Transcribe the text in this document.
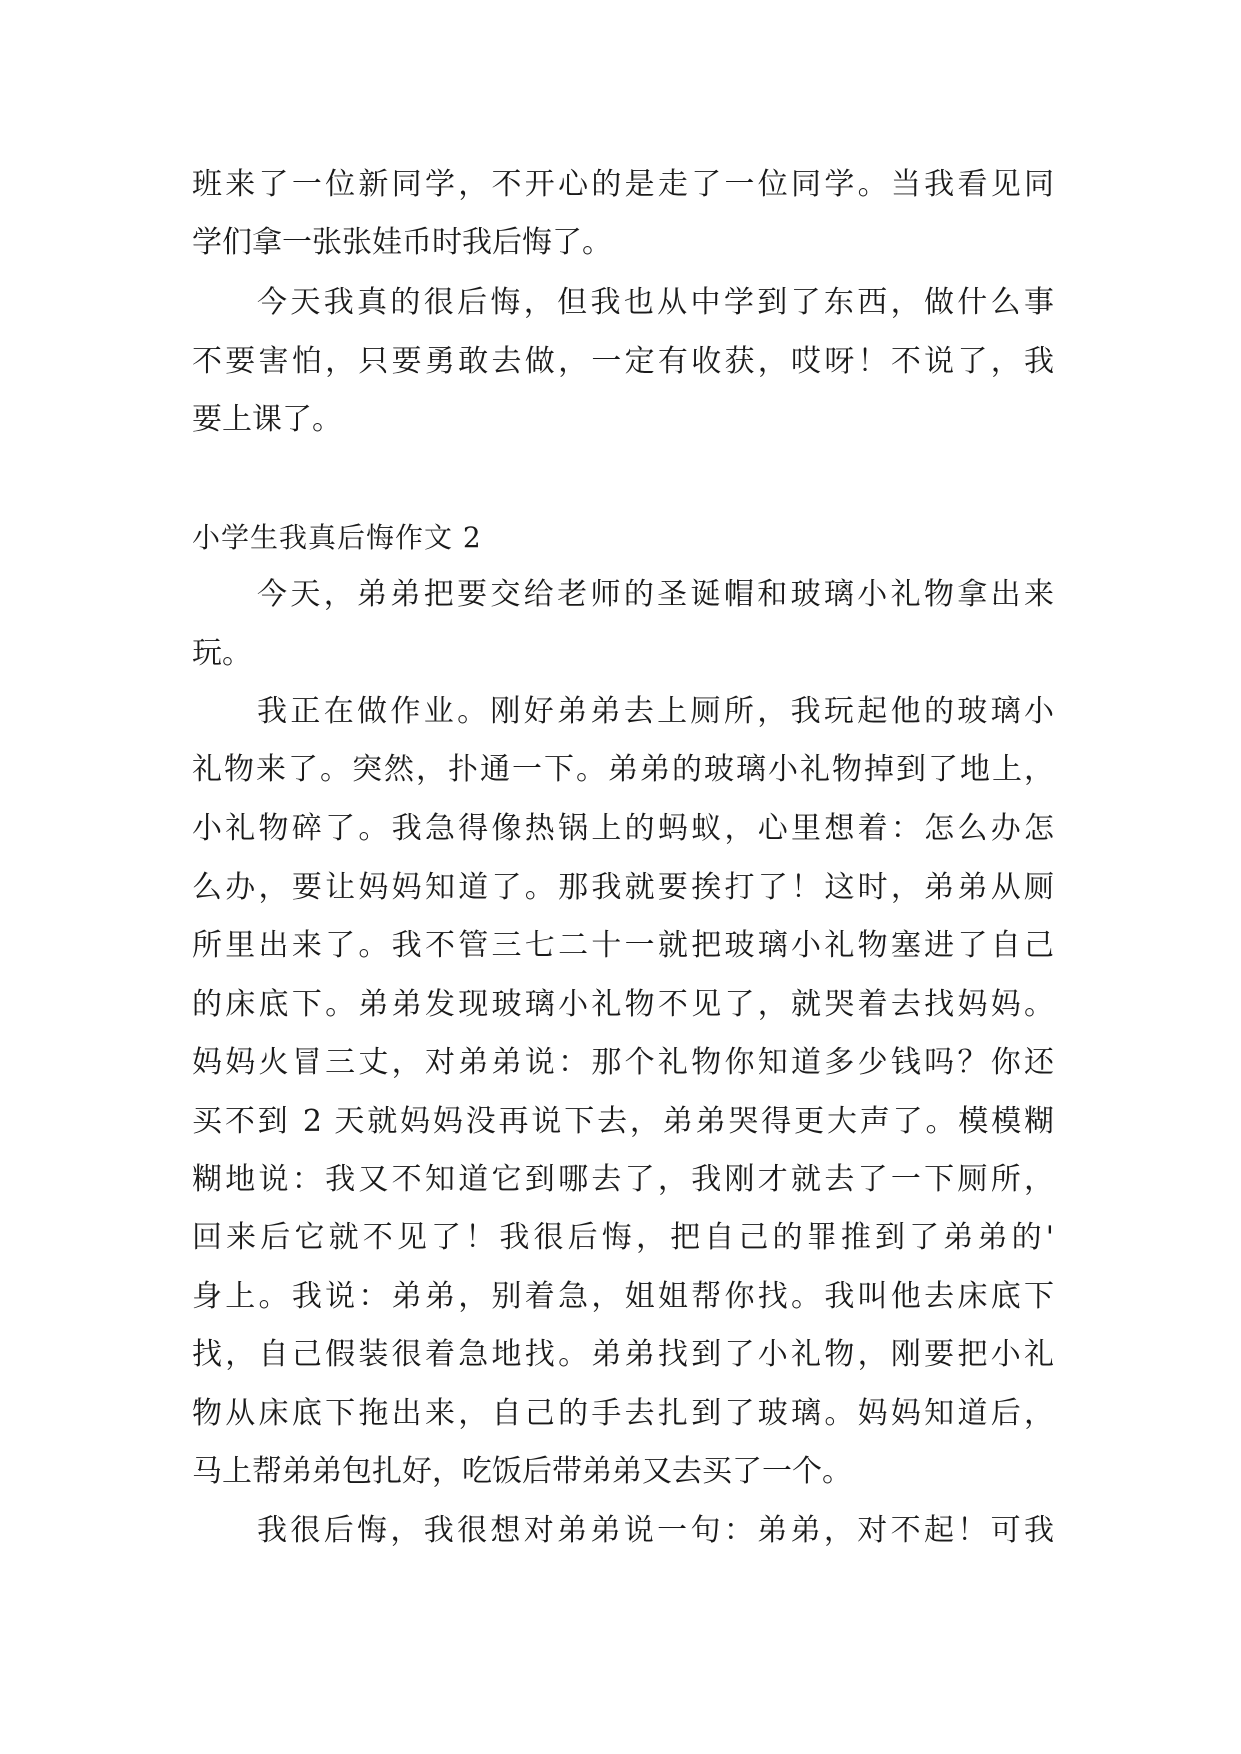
班来了一位新同学，不开心的是走了一位同学。当我看见同
学们拿一张张娃币时我后悔了。
今天我真的很后悔，但我也从中学到了东西，做什么事
不要害怕，只要勇敢去做，一定有收获，哎呀！不说了，我
要上课了。
小学生我真后悔作文 2
今天，弟弟把要交给老师的圣诞帽和玻璃小礼物拿出来
玩。
我正在做作业。刚好弟弟去上厕所，我玩起他的玻璃小
礼物来了。突然，扑通一下。弟弟的玻璃小礼物掉到了地上，
小礼物碎了。我急得像热锅上的蚂蚁，心里想着：怎么办怎
么办，要让妈妈知道了。那我就要挨打了！这时，弟弟从厕
所里出来了。我不管三七二十一就把玻璃小礼物塞进了自己
的床底下。弟弟发现玻璃小礼物不见了，就哭着去找妈妈。
妈妈火冒三丈，对弟弟说：那个礼物你知道多少钱吗？你还
买不到 2 天就妈妈没再说下去，弟弟哭得更大声了。模模糊
糊地说：我又不知道它到哪去了，我刚才就去了一下厕所，
回来后它就不见了！我很后悔，把自己的罪推到了弟弟的'
身上。我说：弟弟，别着急，姐姐帮你找。我叫他去床底下
找，自己假装很着急地找。弟弟找到了小礼物，刚要把小礼
物从床底下拖出来，自己的手去扎到了玻璃。妈妈知道后，
马上帮弟弟包扎好，吃饭后带弟弟又去买了一个。
我很后悔，我很想对弟弟说一句：弟弟，对不起！可我
